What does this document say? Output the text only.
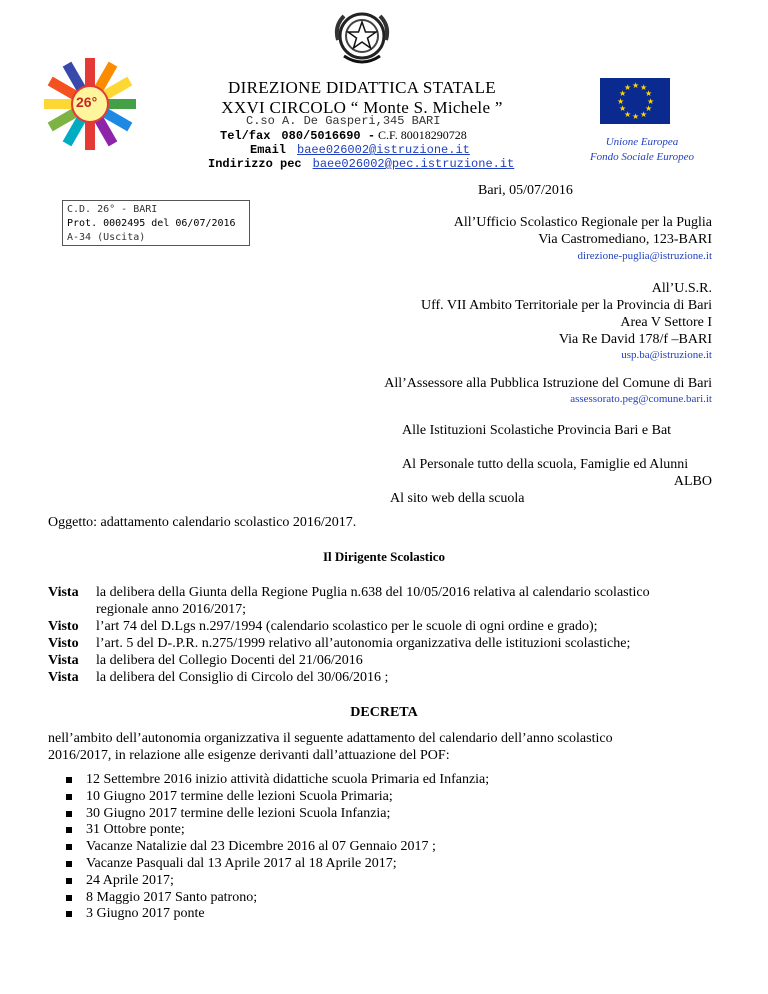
26°
★ ★
★
★
★
★
★
★
★
★
★
★
Unione Europea
Fondo Sociale Europeo
DIREZIONE DIDATTICA STATALE
XXVI CIRCOLO “ Monte S. Michele ”
C.so A. De Gasperi,345 BARI
Tel/fax 080/5016690 - C.F. 80018290728
Email baee026002@istruzione.it
Indirizzo pec baee026002@pec.istruzione.it
Bari, 05/07/2016
C.D. 26° - BARI
Prot. 0002495 del 06/07/2016
A-34 (Uscita)
All’Ufficio Scolastico Regionale per la Puglia
Via Castromediano, 123-BARI
direzione-puglia@istruzione.it
All’U.S.R.
Uff. VII Ambito Territoriale per la Provincia di Bari
Area V Settore I
Via Re David 178/f –BARI
usp.ba@istruzione.it
All’Assessore alla Pubblica Istruzione del Comune di Bari
assessorato.peg@comune.bari.it
Alle Istituzioni Scolastiche Provincia Bari e Bat
Al Personale tutto della scuola, Famiglie ed Alunni
ALBO
Al sito web della scuola
Oggetto: adattamento calendario scolastico 2016/2017.
Il Dirigente Scolastico
Vista la delibera della Giunta della Regione Puglia n.638 del 10/05/2016 relativa al calendario scolastico
regionale anno 2016/2017;
Visto l’art 74 del D.Lgs n.297/1994 (calendario scolastico per le scuole di ogni ordine e grado);
Visto l’art. 5 del D-.P.R. n.275/1999 relativo all’autonomia organizzativa delle istituzioni scolastiche;
Vista la delibera del Collegio Docenti del 21/06/2016
Vista la delibera del Consiglio di Circolo del 30/06/2016 ;
DECRETA
nell’ambito dell’autonomia organizzativa il seguente adattamento del calendario dell’anno scolastico
2016/2017, in relazione alle esigenze derivanti dall’attuazione del POF:
12 Settembre 2016 inizio attività didattiche scuola Primaria ed Infanzia;
10 Giugno 2017 termine delle lezioni Scuola Primaria;
30 Giugno 2017 termine delle lezioni Scuola Infanzia;
31 Ottobre ponte;
Vacanze Natalizie dal 23 Dicembre 2016 al 07 Gennaio 2017 ;
Vacanze Pasquali dal 13 Aprile 2017 al 18 Aprile 2017;
24 Aprile 2017;
8 Maggio 2017 Santo patrono;
3 Giugno 2017 ponte
